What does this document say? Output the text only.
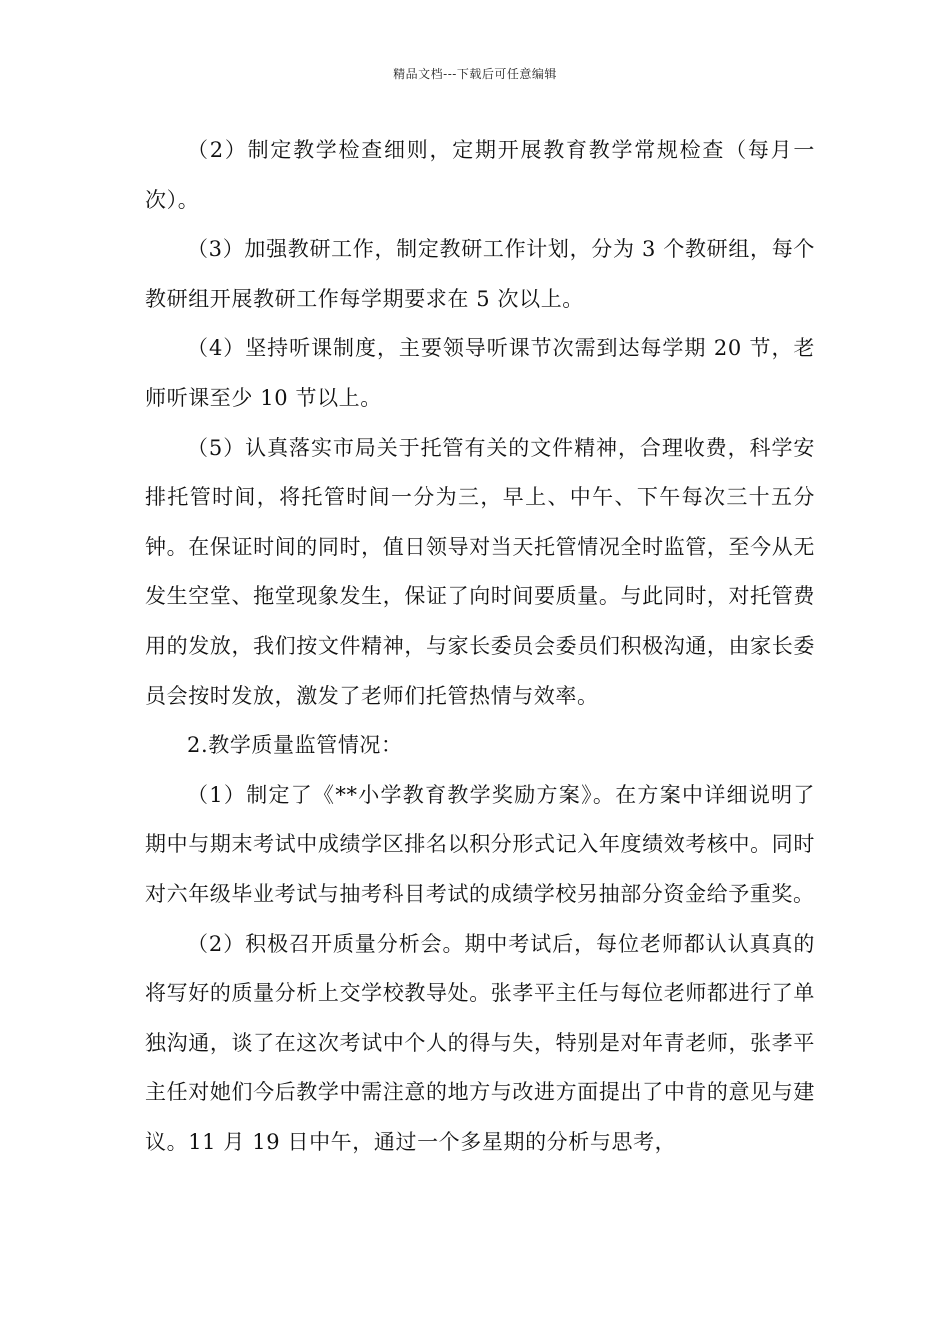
精品文档---下载后可任意编辑

（2）制定教学检查细则，定期开展教育教学常规检查（每月一次）。

（3）加强教研工作，制定教研工作计划，分为 3 个教研组，每个教研组开展教研工作每学期要求在 5 次以上。

（4）坚持听课制度，主要领导听课节次需到达每学期 20 节，老师听课至少 10 节以上。

（5）认真落实市局关于托管有关的文件精神，合理收费，科学安排托管时间，将托管时间一分为三，早上、中午、下午每次三十五分钟。在保证时间的同时，值日领导对当天托管情况全时监管，至今从无发生空堂、拖堂现象发生，保证了向时间要质量。与此同时，对托管费用的发放，我们按文件精神，与家长委员会委员们积极沟通，由家长委员会按时发放，激发了老师们托管热情与效率。

2.教学质量监管情况：

（1）制定了《**小学教育教学奖励方案》。在方案中详细说明了期中与期末考试中成绩学区排名以积分形式记入年度绩效考核中。同时对六年级毕业考试与抽考科目考试的成绩学校另抽部分资金给予重奖。

（2）积极召开质量分析会。期中考试后，每位老师都认认真真的将写好的质量分析上交学校教导处。张孝平主任与每位老师都进行了单独沟通，谈了在这次考试中个人的得与失，特别是对年青老师，张孝平主任对她们今后教学中需注意的地方与改进方面提出了中肯的意见与建议。11 月 19 日中午，通过一个多星期的分析与思考，
